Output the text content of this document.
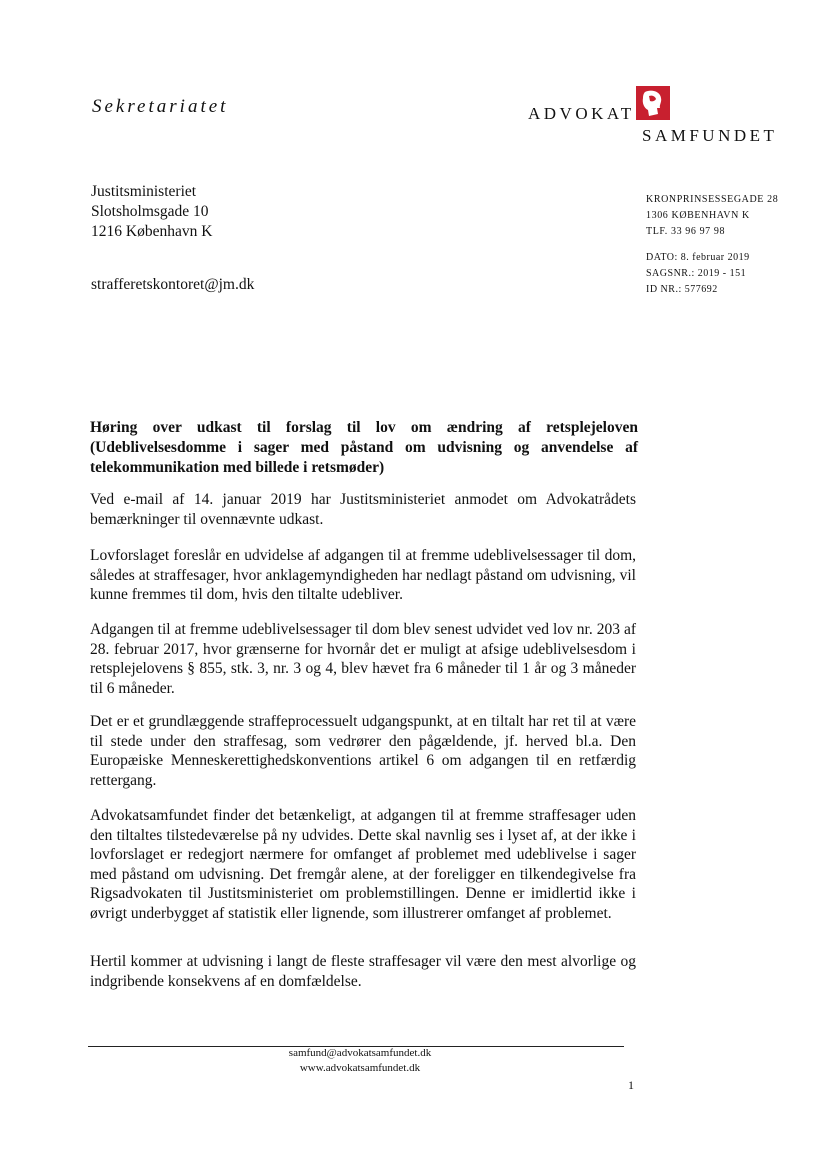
Sekretariatet	ADVOKAT
SAMFUNDET
Justitsministeriet
Slotsholmsgade 10
1216 København K
strafferetskontoret@jm.dk
KRONPRINSESSEGADE 28
1306 KØBENHAVN K
TLF. 33 96 97 98
DATO: 8. februar 2019
SAGSNR.: 2019 - 151
ID NR.: 577692
Høring over udkast til forslag til lov om ændring af retsplejeloven (Udeblivelsesdomme i sager med påstand om udvisning og anvendelse af telekommunikation med billede i retsmøder)

Ved e-mail af 14. januar 2019 har Justitsministeriet anmodet om Advokatrådets bemærkninger til ovennævnte udkast.

Lovforslaget foreslår en udvidelse af adgangen til at fremme udeblivelsessager til dom, således at straffesager, hvor anklagemyndigheden har nedlagt påstand om udvisning, vil kunne fremmes til dom, hvis den tiltalte udebliver.

Adgangen til at fremme udeblivelsessager til dom blev senest udvidet ved lov nr. 203 af 28. februar 2017, hvor grænserne for hvornår det er muligt at afsige udeblivelsesdom i retsplejelovens § 855, stk. 3, nr. 3 og 4, blev hævet fra 6 måneder til 1 år og 3 måneder til 6 måneder.

Det er et grundlæggende straffeprocessuelt udgangspunkt, at en tiltalt har ret til at være til stede under den straffesag, som vedrører den pågældende, jf. herved bl.a. Den Europæiske Menneskerettighedskonventions artikel 6 om adgangen til en retfærdig rettergang.

Advokatsamfundet finder det betænkeligt, at adgangen til at fremme straffesager uden den tiltaltes tilstedeværelse på ny udvides. Dette skal navnlig ses i lyset af, at der ikke i lovforslaget er redegjort nærmere for omfanget af problemet med udeblivelse i sager med påstand om udvisning. Det fremgår alene, at der foreligger en tilkendegivelse fra Rigsadvokaten til Justitsministeriet om problemstillingen. Denne er imidlertid ikke i øvrigt underbygget af statistik eller lignende, som illustrerer omfanget af problemet.

Hertil kommer at udvisning i langt de fleste straffesager vil være den mest alvorlige og indgribende konsekvens af en domfældelse.

samfund@advokatsamfundet.dk
www.advokatsamfundet.dk
1
